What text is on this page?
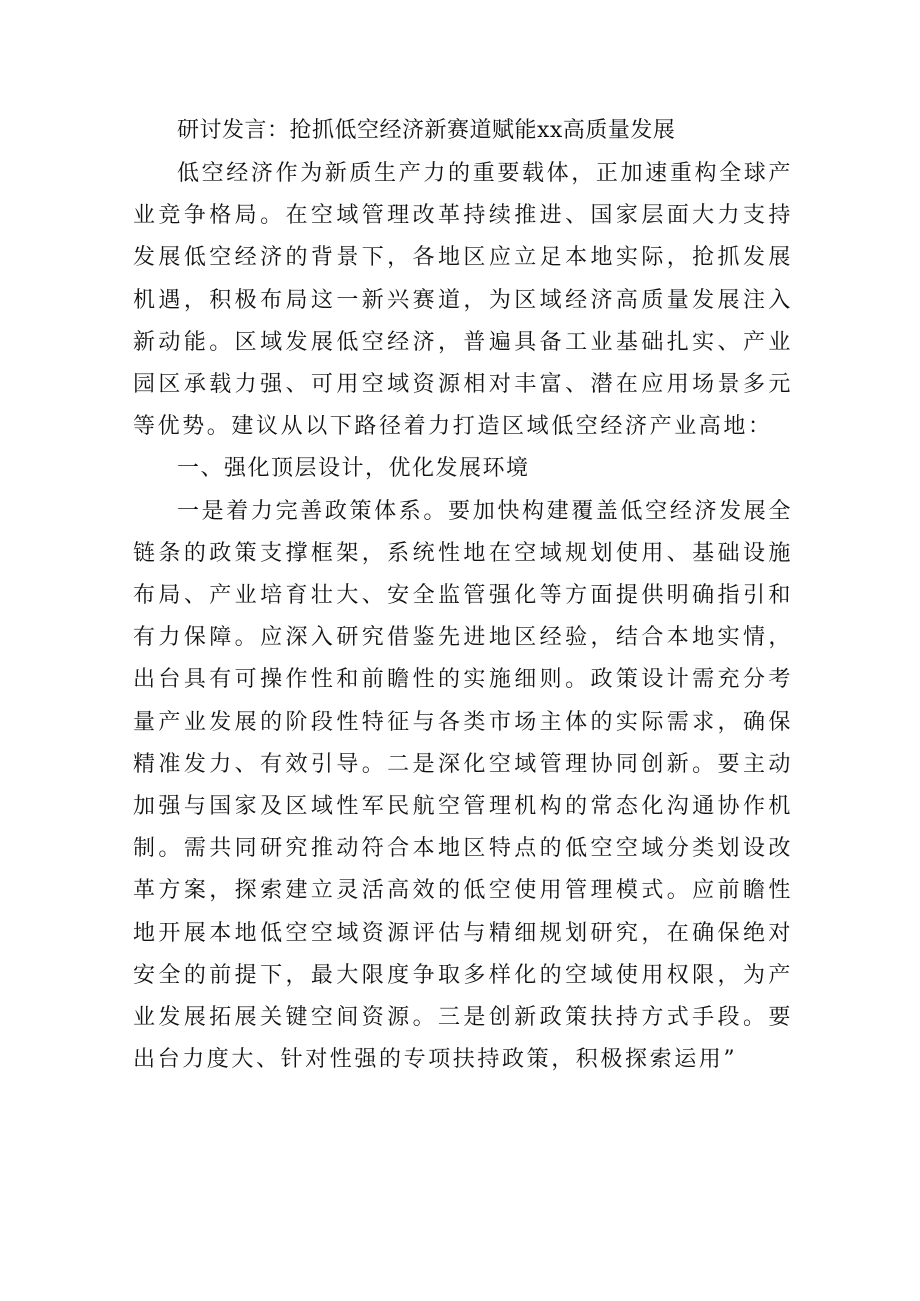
研讨发言：抢抓低空经济新赛道赋能xx高质量发展

低空经济作为新质生产力的重要载体，正加速重构全球产业竞争格局。在空域管理改革持续推进、国家层面大力支持发展低空经济的背景下，各地区应立足本地实际，抢抓发展机遇，积极布局这一新兴赛道，为区域经济高质量发展注入新动能。区域发展低空经济，普遍具备工业基础扎实、产业园区承载力强、可用空域资源相对丰富、潜在应用场景多元等优势。建议从以下路径着力打造区域低空经济产业高地：

一、强化顶层设计，优化发展环境

一是着力完善政策体系。要加快构建覆盖低空经济发展全链条的政策支撑框架，系统性地在空域规划使用、基础设施布局、产业培育壮大、安全监管强化等方面提供明确指引和有力保障。应深入研究借鉴先进地区经验，结合本地实情，出台具有可操作性和前瞻性的实施细则。政策设计需充分考量产业发展的阶段性特征与各类市场主体的实际需求，确保精准发力、有效引导。二是深化空域管理协同创新。要主动加强与国家及区域性军民航空管理机构的常态化沟通协作机制。需共同研究推动符合本地区特点的低空空域分类划设改革方案，探索建立灵活高效的低空使用管理模式。应前瞻性地开展本地低空空域资源评估与精细规划研究，在确保绝对安全的前提下，最大限度争取多样化的空域使用权限，为产业发展拓展关键空间资源。三是创新政策扶持方式手段。要出台力度大、针对性强的专项扶持政策，积极探索运用”
